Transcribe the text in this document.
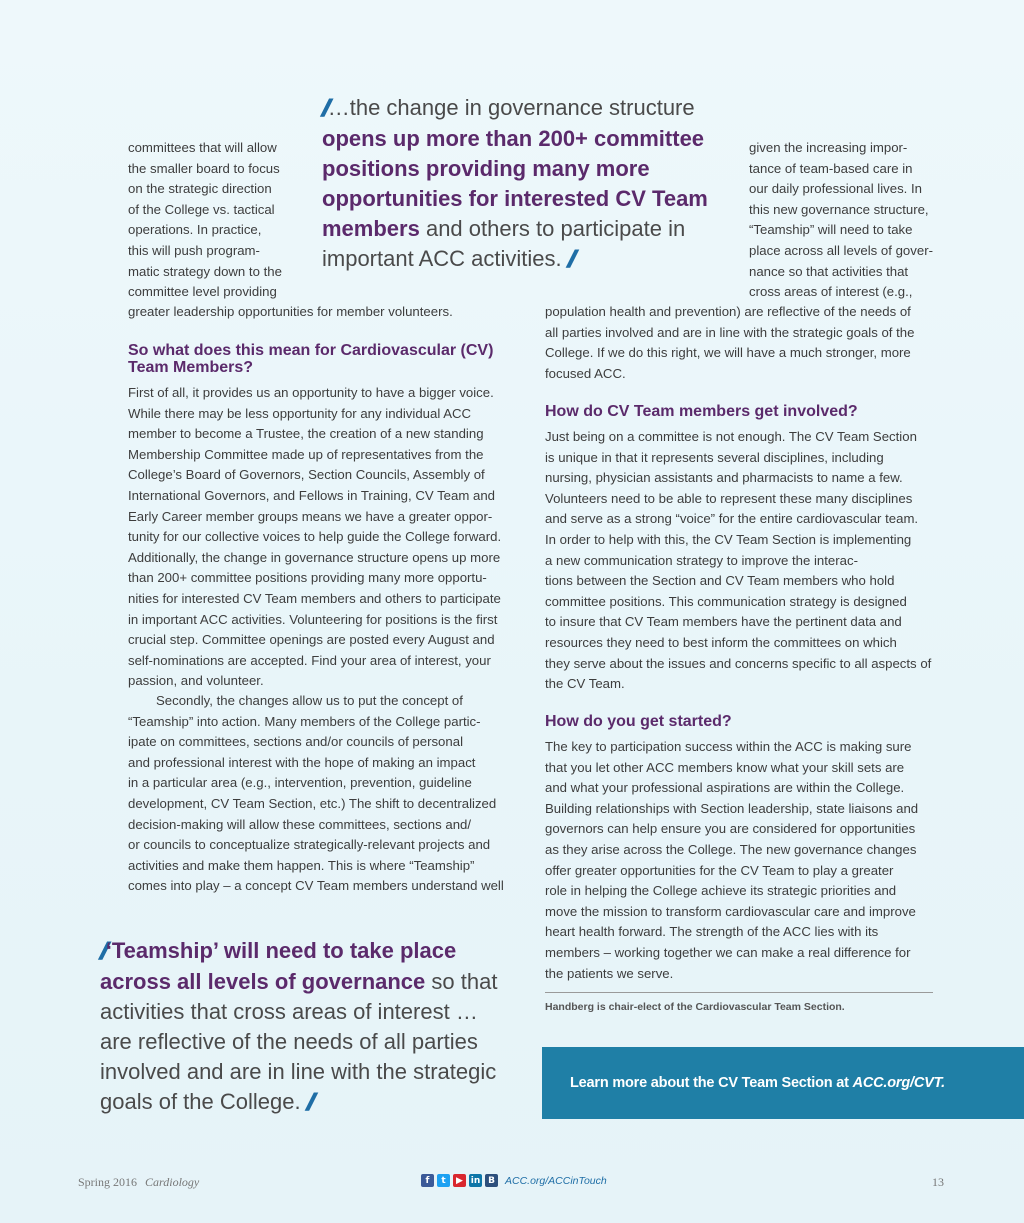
// …the change in governance structure opens up more than 200+ committee positions providing many more opportunities for interested CV Team members and others to participate in important ACC activities. //

committees that will allow

the smaller board to focus

on the strategic direction

of the College vs. tactical

operations. In practice,

this will push program-

matic strategy down to the

committee level providing

greater leadership opportunities for member volunteers.

So what does this mean for Cardiovascular (CV)
Team Members?

First of all, it provides us an opportunity to have a bigger voice.

While there may be less opportunity for any individual ACC

member to become a Trustee, the creation of a new standing

Membership Committee made up of representatives from the

College’s Board of Governors, Section Councils, Assembly of

International Governors, and Fellows in Training, CV Team and

Early Career member groups means we have a greater oppor-

tunity for our collective voices to help guide the College forward.

Additionally, the change in governance structure opens up more

than 200+ committee positions providing many more opportu-

nities for interested CV Team members and others to participate

in important ACC activities. Volunteering for positions is the first

crucial step. Committee openings are posted every August and

self-nominations are accepted. Find your area of interest, your

passion, and volunteer.

Secondly, the changes allow us to put the concept of

“Teamship” into action. Many members of the College partic-

ipate on committees, sections and/or councils of personal

and professional interest with the hope of making an impact

in a particular area (e.g., intervention, prevention, guideline

development, CV Team Section, etc.) The shift to decentralized

decision-making will allow these committees, sections and/

or councils to conceptualize strategically-relevant projects and

activities and make them happen. This is where “Teamship”

comes into play – a concept CV Team members understand well

// ‘Teamship’ will need to take place across all levels of governance so that activities that cross areas of interest … are reflective of the needs of all parties involved and are in line with the strategic goals of the College. //

given the increasing impor-

tance of team-based care in

our daily professional lives. In

this new governance structure,

“Teamship” will need to take

place across all levels of gover-

nance so that activities that

cross areas of interest (e.g.,

population health and prevention) are reflective of the needs of

all parties involved and are in line with the strategic goals of the

College. If we do this right, we will have a much stronger, more

focused ACC.

How do CV Team members get involved?

Just being on a committee is not enough. The CV Team Section

is unique in that it represents several disciplines, including

nursing, physician assistants and pharmacists to name a few.

Volunteers need to be able to represent these many disciplines

and serve as a strong “voice” for the entire cardiovascular team.

In order to help with this, the CV Team Section is implementing

a new communication strategy to improve the interac-

tions between the Section and CV Team members who hold

committee positions. This communication strategy is designed

to insure that CV Team members have the pertinent data and

resources they need to best inform the committees on which

they serve about the issues and concerns specific to all aspects of

the CV Team.

How do you get started?

The key to participation success within the ACC is making sure

that you let other ACC members know what your skill sets are

and what your professional aspirations are within the College.

Building relationships with Section leadership, state liaisons and

governors can help ensure you are considered for opportunities

as they arise across the College. The new governance changes

offer greater opportunities for the CV Team to play a greater

role in helping the College achieve its strategic priorities and

move the mission to transform cardiovascular care and improve

heart health forward. The strength of the ACC lies with its

members – working together we can make a real difference for

the patients we serve.

Handberg is chair-elect of the Cardiovascular Team Section.
Learn more about the CV Team Section at ACC.org/CVT.
Spring 2016 Cardiology	f	t	▶ in B ACC.org/ACCinTouch	13
